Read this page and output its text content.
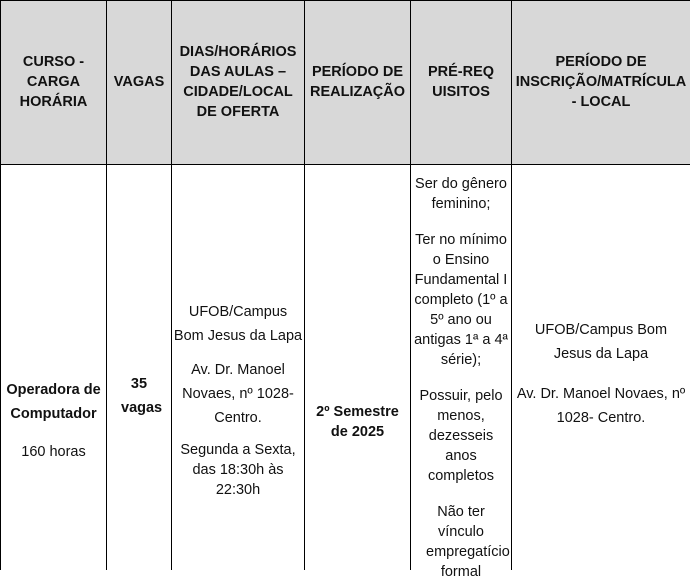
CURSO - CARGA HORÁRIA
VAGAS
DIAS/HORÁRIOS DAS AULAS – CIDADE/LOCAL DE OFERTA
PERÍODO DE REALIZAÇÃO
PRÉ-REQUISITOS
PERÍODO DE INSCRIÇÃO/MATRÍCULA - LOCAL

Operadora de Computador

160 horas

35 vagas

UFOB/Campus Bom Jesus da Lapa

Av. Dr. Manoel Novaes, nº 1028- Centro.

Segunda a Sexta, das 18:30h às 22:30h

2º Semestre de 2025

Ser do gênero feminino;

Ter no mínimo o Ensino Fundamental I completo (1º a 5º ano ou antigas 1ª a 4ª série);

Possuir, pelo menos, dezesseis anos completos

Não ter vínculo empregatício formal

UFOB/Campus Bom Jesus da Lapa

Av. Dr. Manoel Novaes, nº 1028- Centro.
